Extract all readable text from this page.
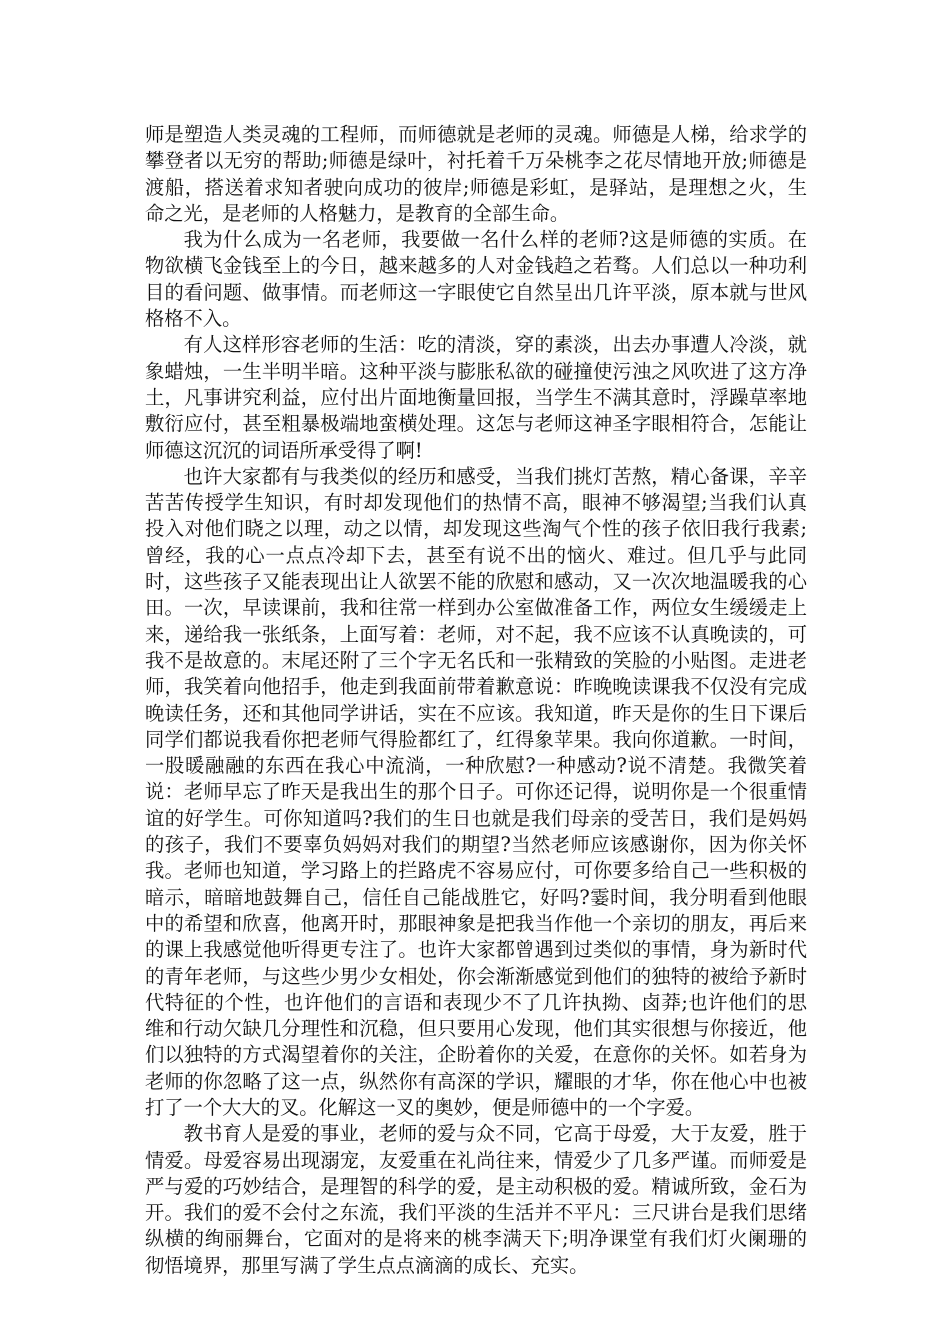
师是塑造人类灵魂的工程师，而师德就是老师的灵魂。师德是人梯，给求学的攀登者以无穷的帮助;师德是绿叶，衬托着千万朵桃李之花尽情地开放;师德是渡船，搭送着求知者驶向成功的彼岸;师德是彩虹，是驿站，是理想之火，生命之光，是老师的人格魅力，是教育的全部生命。

我为什么成为一名老师，我要做一名什么样的老师?这是师德的实质。在物欲横飞金钱至上的今日，越来越多的人对金钱趋之若骛。人们总以一种功利目的看问题、做事情。而老师这一字眼使它自然呈出几许平淡，原本就与世风格格不入。

有人这样形容老师的生活：吃的清淡，穿的素淡，出去办事遭人冷淡，就象蜡烛，一生半明半暗。这种平淡与膨胀私欲的碰撞使污浊之风吹进了这方净土，凡事讲究利益，应付出片面地衡量回报，当学生不满其意时，浮躁草率地敷衍应付，甚至粗暴极端地蛮横处理。这怎与老师这神圣字眼相符合，怎能让师德这沉沉的词语所承受得了啊!

也许大家都有与我类似的经历和感受，当我们挑灯苦熬，精心备课，辛辛苦苦传授学生知识，有时却发现他们的热情不高，眼神不够渴望;当我们认真投入对他们晓之以理，动之以情，却发现这些淘气个性的孩子依旧我行我素;曾经，我的心一点点冷却下去，甚至有说不出的恼火、难过。但几乎与此同时，这些孩子又能表现出让人欲罢不能的欣慰和感动，又一次次地温暖我的心田。一次，早读课前，我和往常一样到办公室做准备工作，两位女生缓缓走上来，递给我一张纸条，上面写着：老师，对不起，我不应该不认真晚读的，可我不是故意的。末尾还附了三个字无名氏和一张精致的笑脸的小贴图。走进老师，我笑着向他招手，他走到我面前带着歉意说：昨晚晚读课我不仅没有完成晚读任务，还和其他同学讲话，实在不应该。我知道，昨天是你的生日下课后同学们都说我看你把老师气得脸都红了，红得象苹果。我向你道歉。一时间，一股暖融融的东西在我心中流淌，一种欣慰?一种感动?说不清楚。我微笑着说：老师早忘了昨天是我出生的那个日子。可你还记得，说明你是一个很重情谊的好学生。可你知道吗?我们的生日也就是我们母亲的受苦日，我们是妈妈的孩子，我们不要辜负妈妈对我们的期望?当然老师应该感谢你，因为你关怀我。老师也知道，学习路上的拦路虎不容易应付，可你要多给自己一些积极的暗示，暗暗地鼓舞自己，信任自己能战胜它，好吗?霎时间，我分明看到他眼中的希望和欣喜，他离开时，那眼神象是把我当作他一个亲切的朋友，再后来的课上我感觉他听得更专注了。也许大家都曾遇到过类似的事情，身为新时代的青年老师，与这些少男少女相处，你会渐渐感觉到他们的独特的被给予新时代特征的个性，也许他们的言语和表现少不了几许执拗、卤莽;也许他们的思维和行动欠缺几分理性和沉稳，但只要用心发现，他们其实很想与你接近，他们以独特的方式渴望着你的关注，企盼着你的关爱，在意你的关怀。如若身为老师的你忽略了这一点，纵然你有高深的学识，耀眼的才华，你在他心中也被打了一个大大的叉。化解这一叉的奥妙，便是师德中的一个字爱。

教书育人是爱的事业，老师的爱与众不同，它高于母爱，大于友爱，胜于情爱。母爱容易出现溺宠，友爱重在礼尚往来，情爱少了几多严谨。而师爱是严与爱的巧妙结合，是理智的科学的爱，是主动积极的爱。精诚所致，金石为开。我们的爱不会付之东流，我们平淡的生活并不平凡：三尺讲台是我们思绪纵横的绚丽舞台，它面对的是将来的桃李满天下;明净课堂有我们灯火阑珊的彻悟境界，那里写满了学生点点滴滴的成长、充实。
